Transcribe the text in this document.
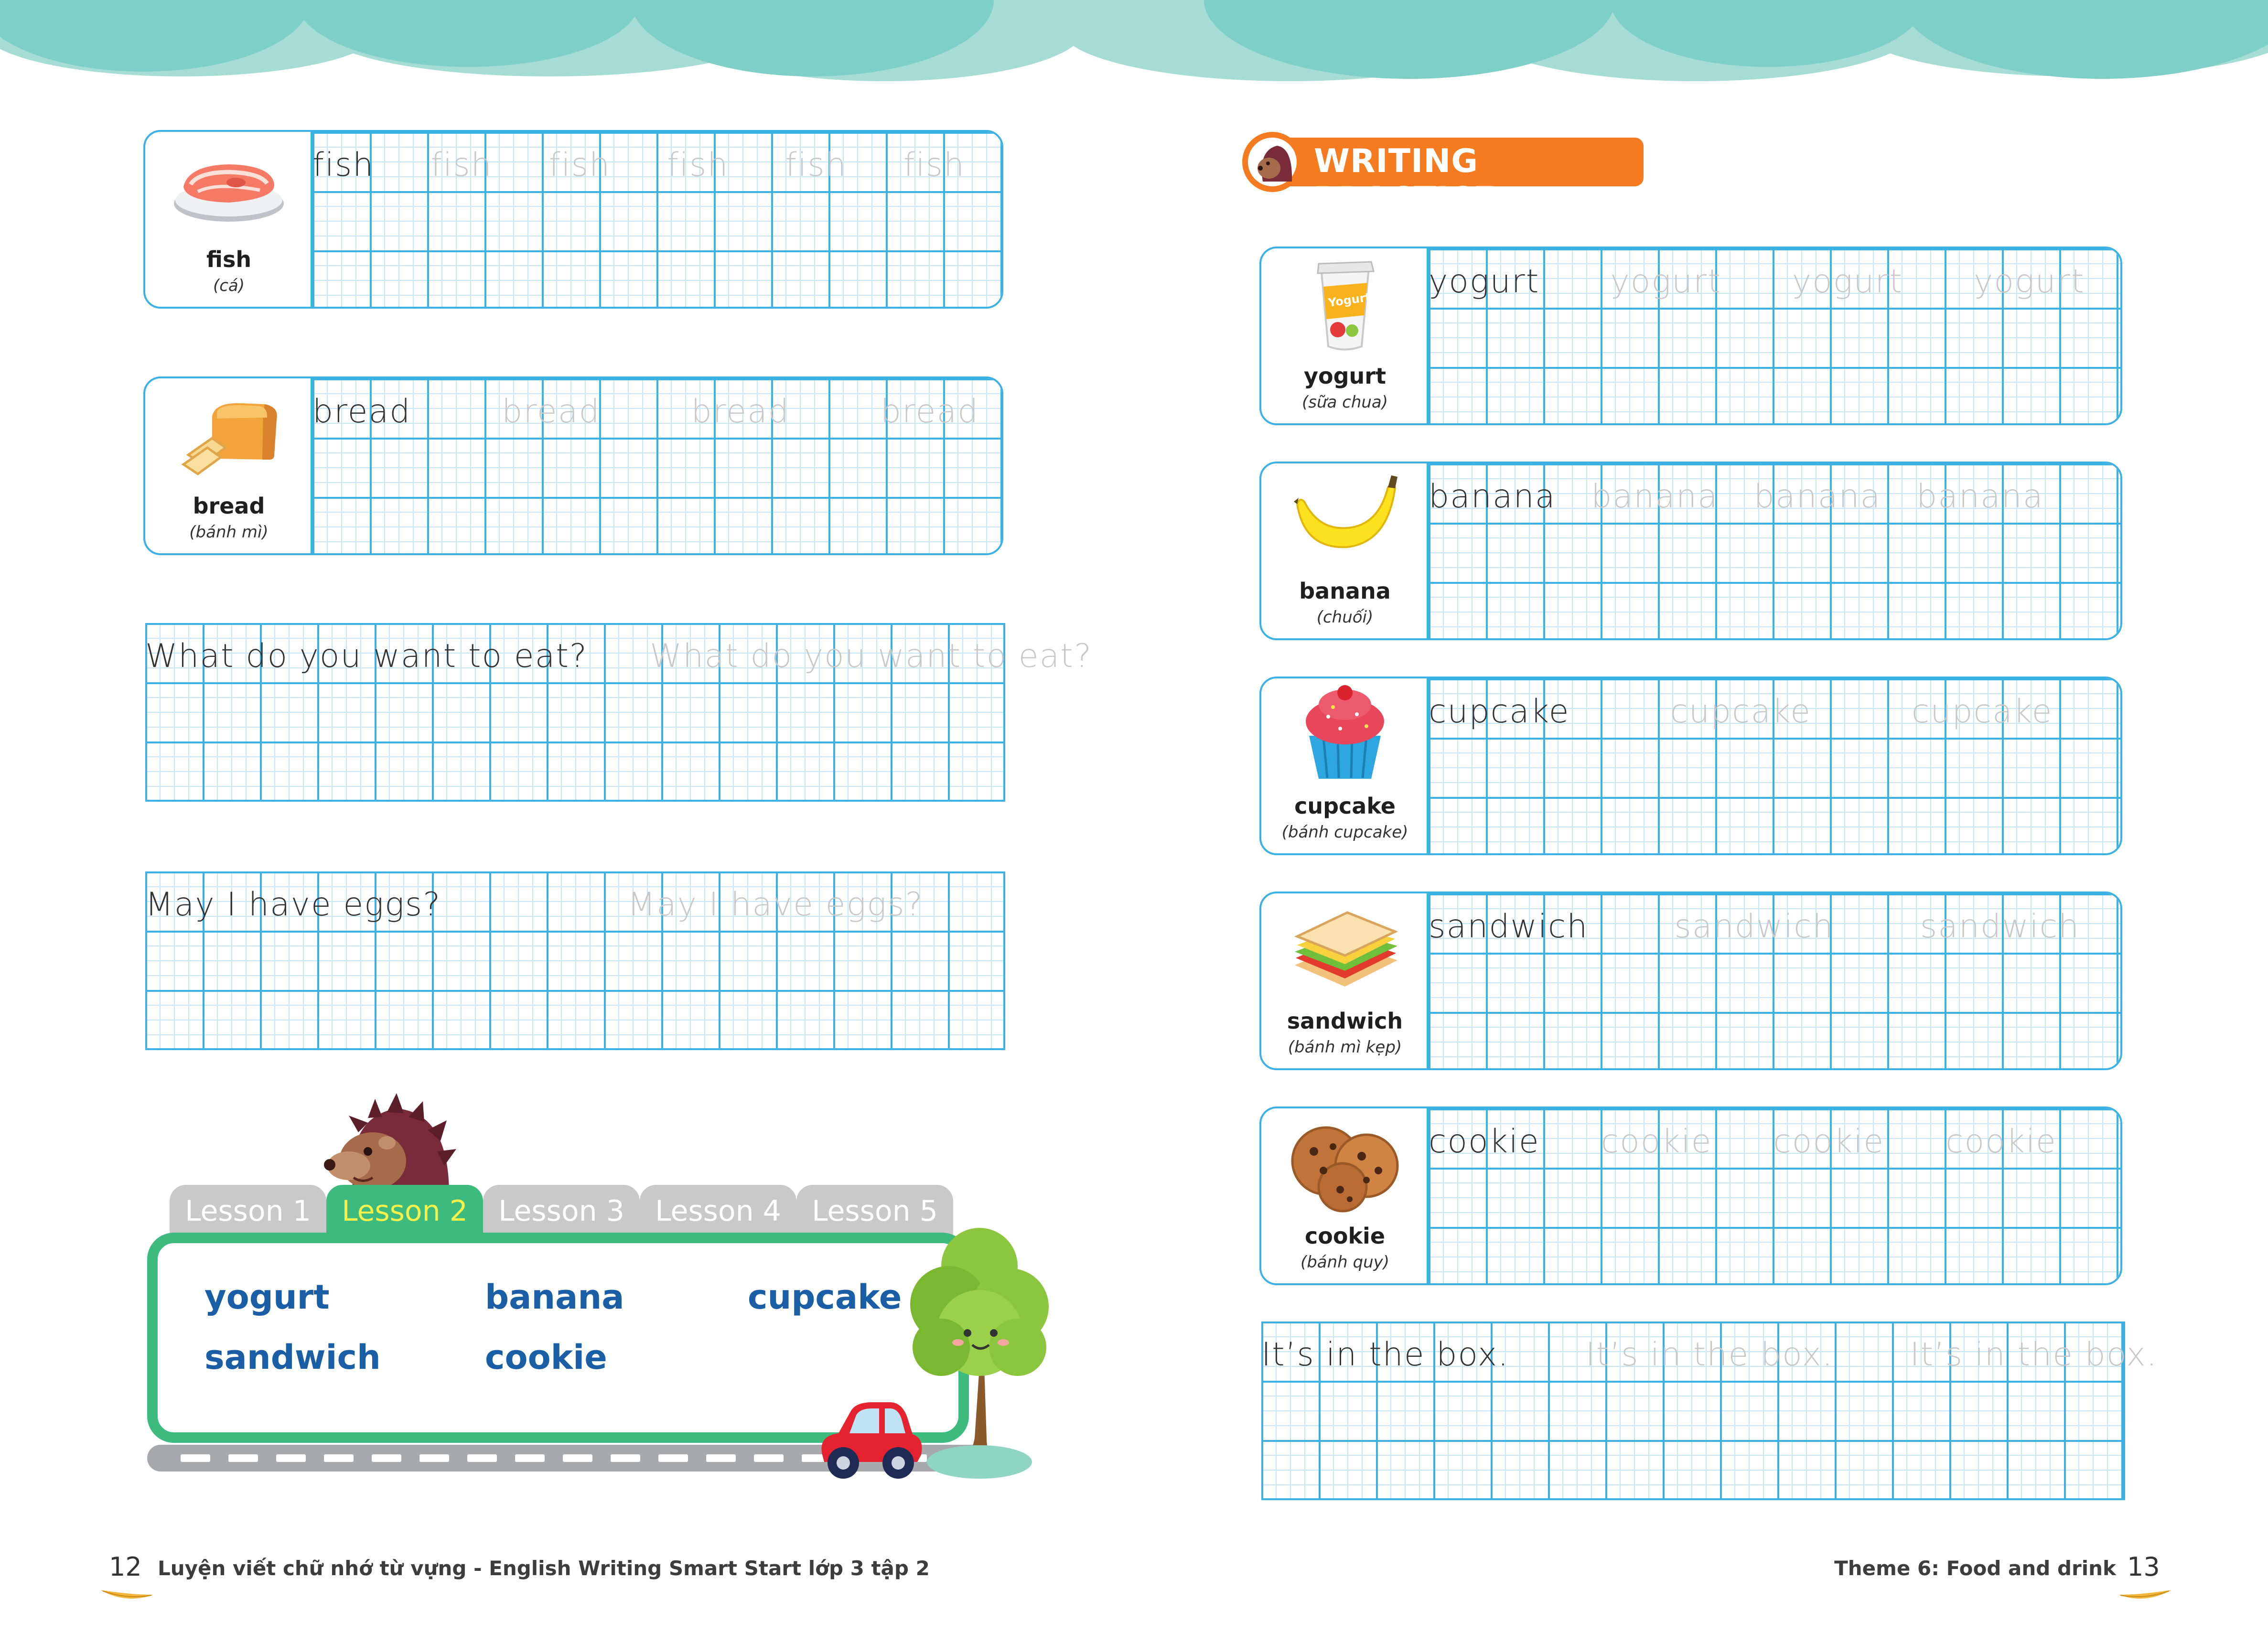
fish
(cá)
fish fish fish fish fish fish
bread
(bánh mì)
bread	bread	bread	bread
What do you want to eat? What do you want to eat?
May I have eggs?	May I have eggs?
Lesson 1	Lesson 2	Lesson 3	Lesson 4	Lesson 5
yogurt	banana	cupcake
sandwich	cookie
WRITING PRACTICE
Yogurt
yogurt
(sữa chua)
yogurt yogurt yogurt yogurt
banana
(chuối)
banana banana banana banana
cupcake
(bánh cupcake)
cupcake	cupcake	cupcake
sandwich
(bánh mì kẹp)
sandwich	sandwich	sandwich
cookie
(bánh quy)
cookie cookie cookie cookie
It’s in the box. It’s in the box. It’s in the box.
12 Luyện viết chữ nhớ từ vựng - English Writing Smart Start lớp 3 tập 2	Theme 6: Food and drink 13
